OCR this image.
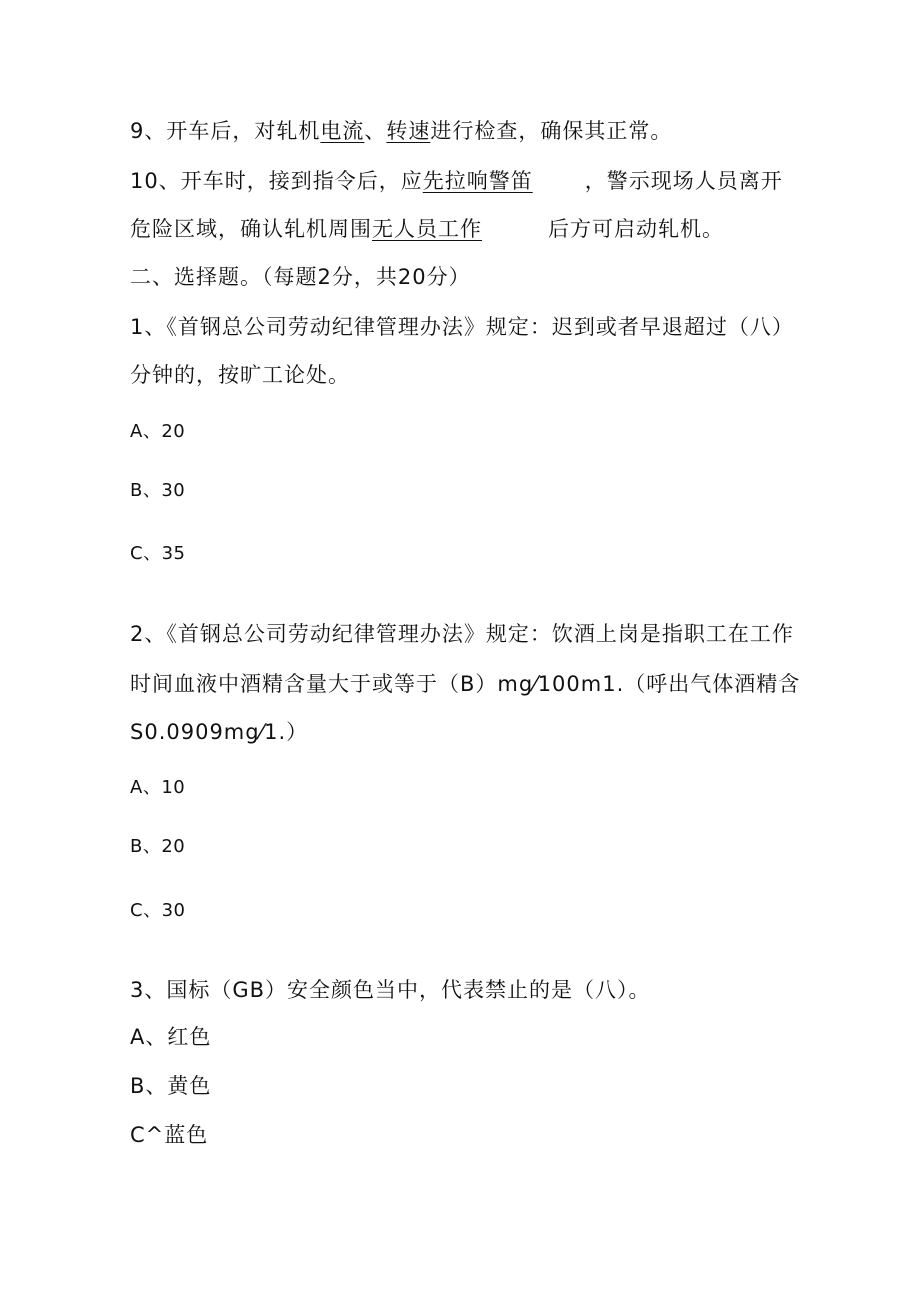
9、开车后，对轧机电流、转速进行检查，确保其正常。
10、开车时，接到指令后，应先拉响警笛 ，警示现场人员离开
危险区域，确认轧机周围无人员工作	后方可启动轧机。
二、选择题。（每题2分，共20分）
1、《首钢总公司劳动纪律管理办法》规定：迟到或者早退超过（八）
分钟的，按旷工论处。
A、20
B、30
C、35
2、《首钢总公司劳动纪律管理办法》规定：饮酒上岗是指职工在工作
时间血液中酒精含量大于或等于（B）mg⁄100m1.（呼出气体酒精含
S0.0909mg⁄1.）
A、10
B、20
C、30
3、国标（GB）安全颜色当中，代表禁止的是（八）。
A、红色
B、黄色
C^蓝色
